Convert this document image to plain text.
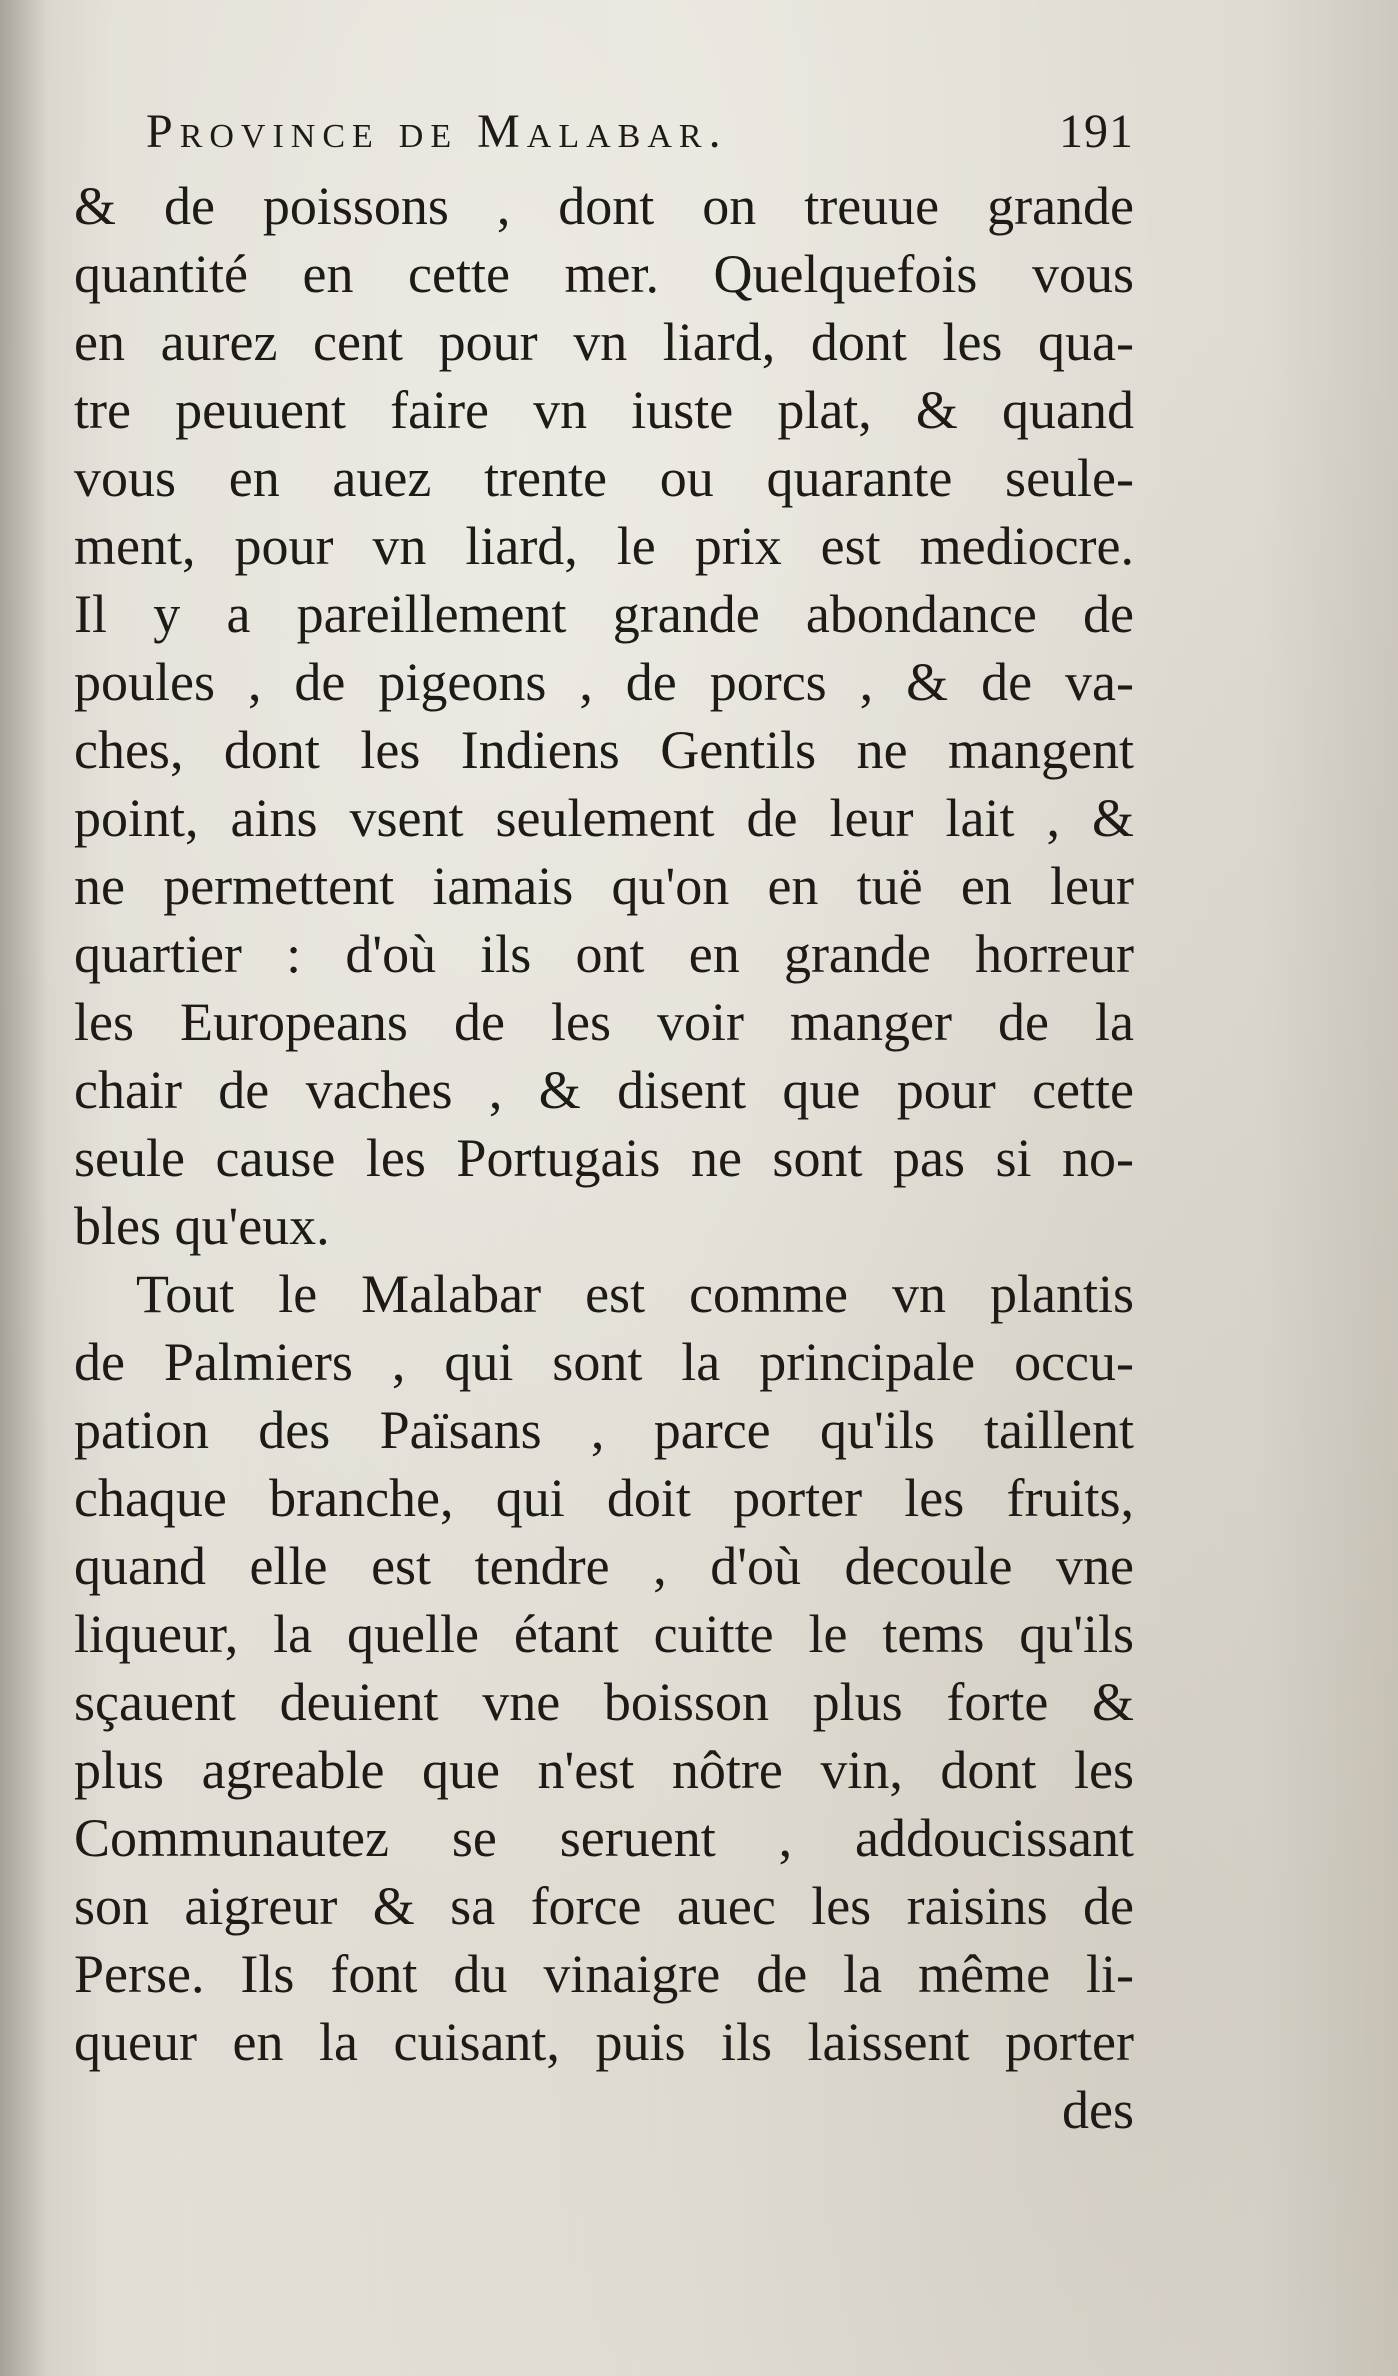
Province de Malabar.	191
& de poissons , dont on treuue grande
quantité en cette mer. Quelquefois vous
en aurez cent pour vn liard, dont les qua-
tre peuuent faire vn iuste plat, & quand
vous en auez trente ou quarante seule-
ment, pour vn liard, le prix est mediocre.
Il y a pareillement grande abondance de
poules , de pigeons , de porcs , & de va-
ches, dont les Indiens Gentils ne mangent
point, ains vsent seulement de leur lait , &
ne permettent iamais qu'on en tuë en leur
quartier : d'où ils ont en grande horreur
les Europeans de les voir manger de la
chair de vaches , & disent que pour cette
seule cause les Portugais ne sont pas si no-
bles qu'eux.
Tout le Malabar est comme vn plantis
de Palmiers , qui sont la principale occu-
pation des Païsans , parce qu'ils taillent
chaque branche, qui doit porter les fruits,
quand elle est tendre , d'où decoule vne
liqueur, la quelle étant cuitte le tems qu'ils
sçauent deuient vne boisson plus forte &
plus agreable que n'est nôtre vin, dont les
Communautez se seruent , addoucissant
son aigreur & sa force auec les raisins de
Perse. Ils font du vinaigre de la même li-
queur en la cuisant, puis ils laissent porter
des
